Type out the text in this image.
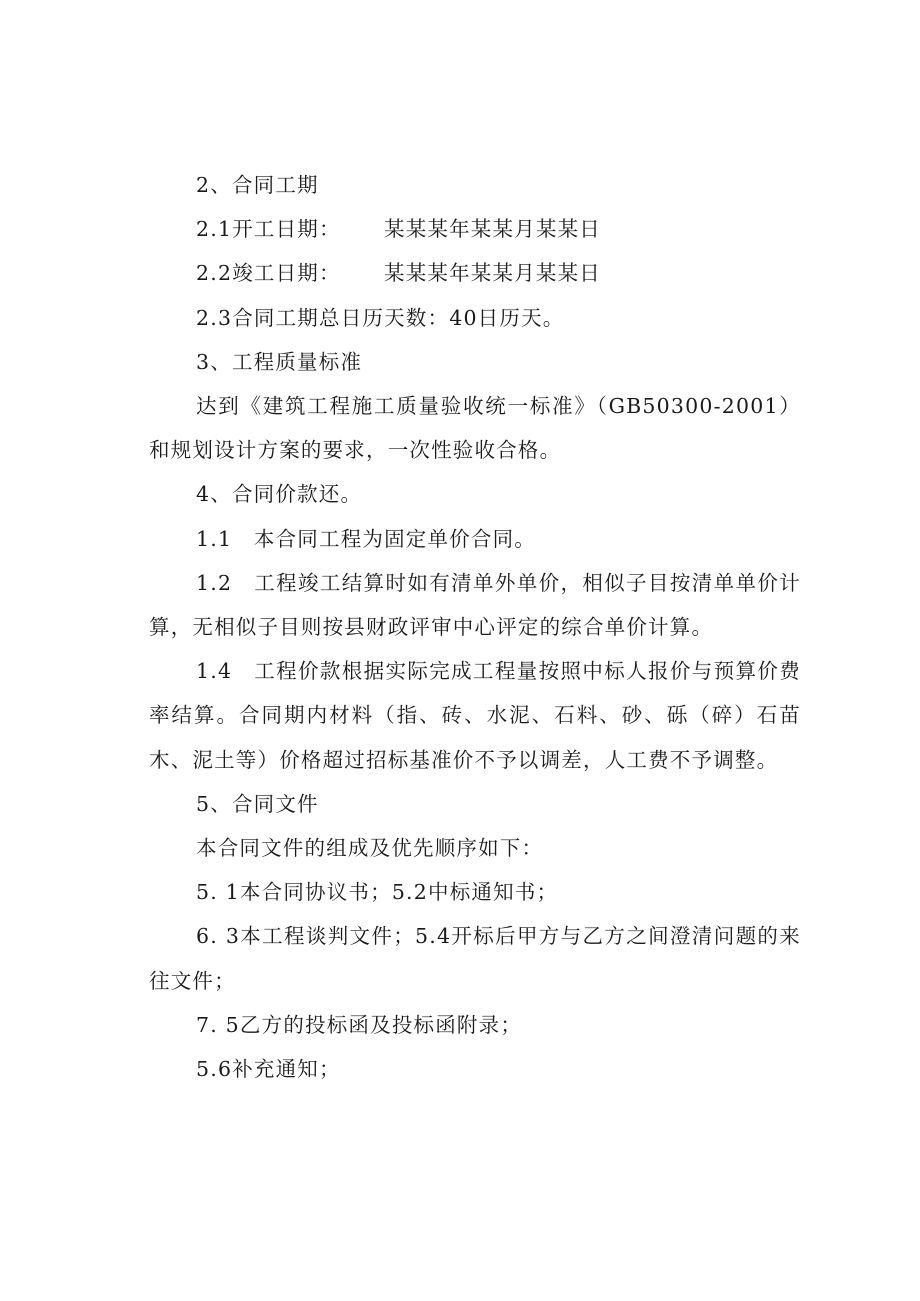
2、合同工期

2.1开工日期： 某某某年某某月某某日

2.2竣工日期： 某某某年某某月某某日

2.3合同工期总日历天数：40日历天。

3、工程质量标准

达到《建筑工程施工质量验收统一标准》（GB50300-2001）和规划设计方案的要求，一次性验收合格。

4、合同价款还。

1.1　本合同工程为固定单价合同。

1.2　工程竣工结算时如有清单外单价，相似子目按清单单价计算，无相似子目则按县财政评审中心评定的综合单价计算。

1.4　工程价款根据实际完成工程量按照中标人报价与预算价费率结算。合同期内材料（指、砖、水泥、石料、砂、砾（碎）石苗木、泥土等）价格超过招标基准价不予以调差，人工费不予调整。

5、合同文件

本合同文件的组成及优先顺序如下：

5. 1本合同协议书；5.2中标通知书；

6. 3本工程谈判文件；5.4开标后甲方与乙方之间澄清问题的来往文件；

7. 5乙方的投标函及投标函附录；

5.6补充通知；
